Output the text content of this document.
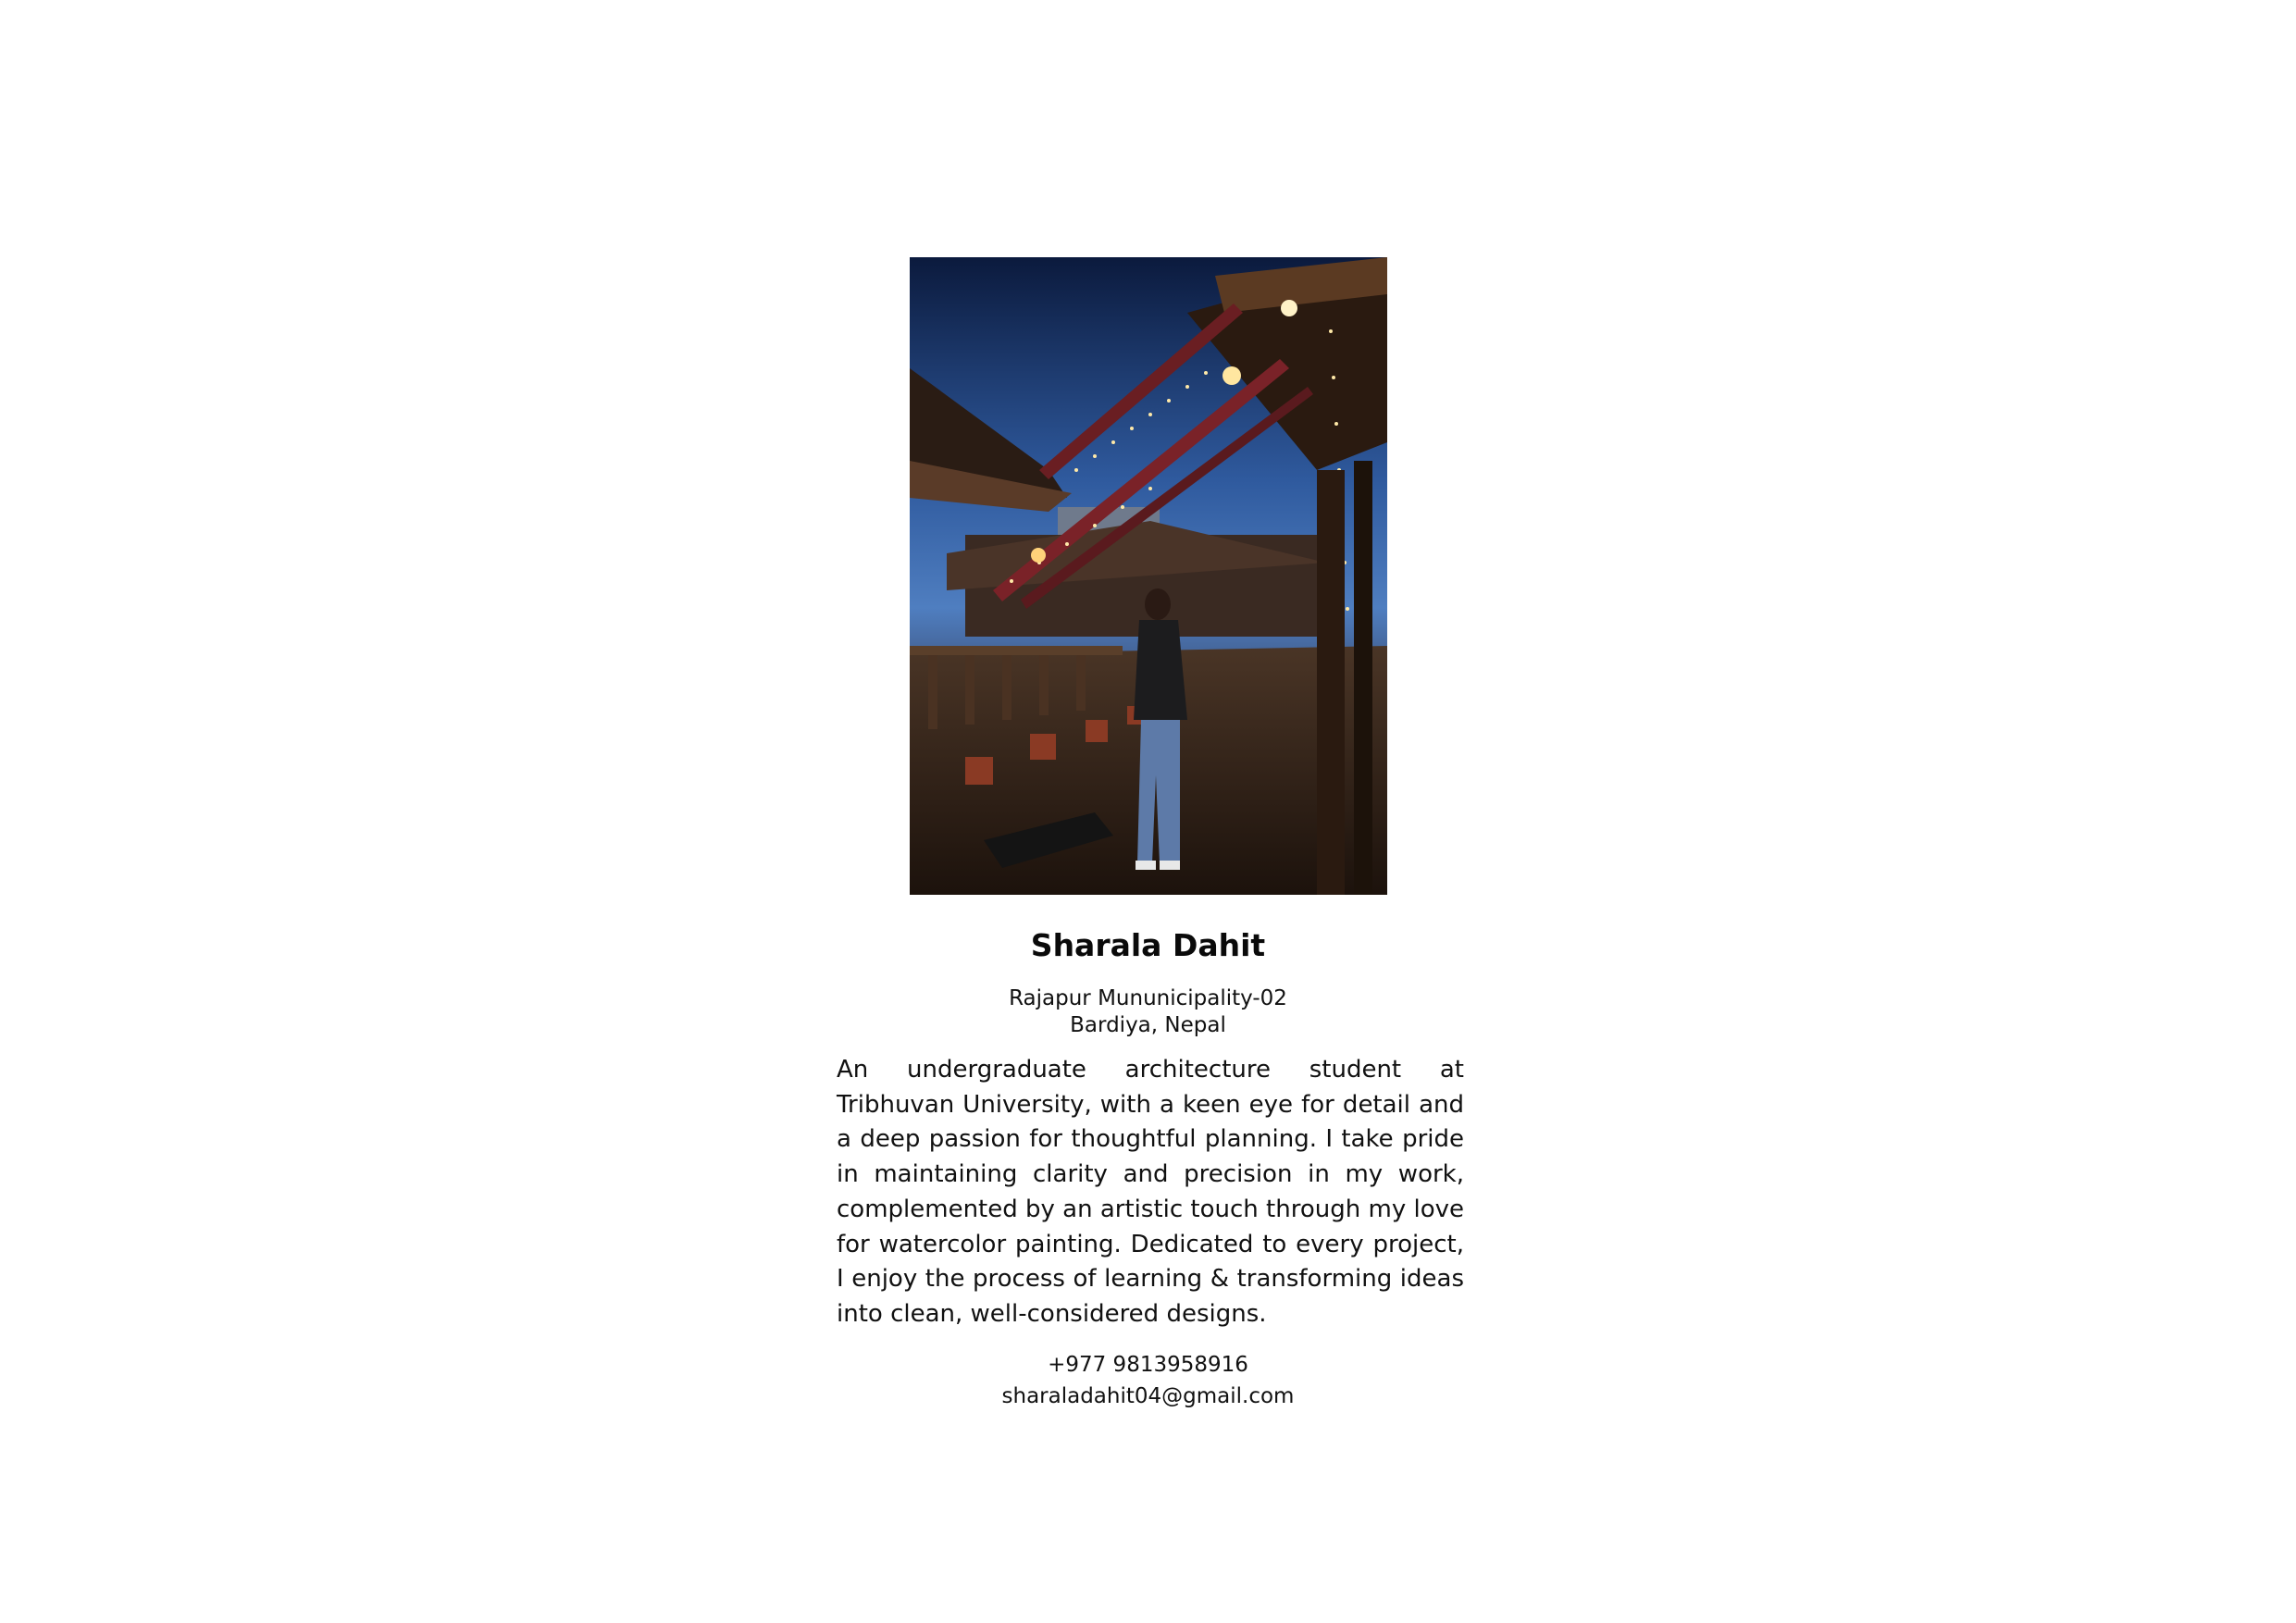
Sharala Dahit
Rajapur Mununicipality-02
Bardiya, Nepal

An undergraduate architecture student at Tribhuvan University, with a keen eye for detail and a deep passion for thoughtful planning. I take pride in maintaining clarity and precision in my work, complemented by an artistic touch through my love for watercolor painting. Dedicated to every project, I enjoy the process of learning & transforming ideas into clean, well-considered designs.

+977 9813958916
sharaladahit04@gmail.com
